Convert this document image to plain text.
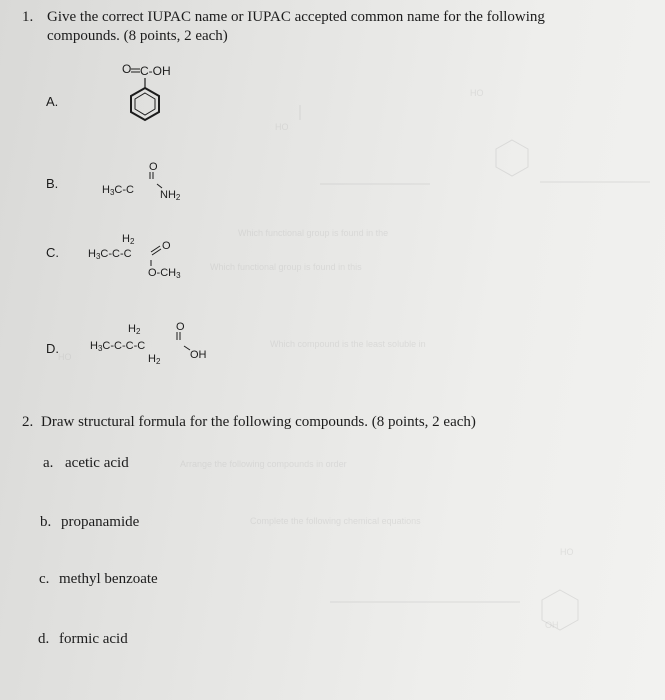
1. Give the correct IUPAC name or IUPAC accepted common name for the following
compounds. (8 points, 2 each)
A.
O C-OH
B.
O
H3C-C NH2
C.
H2
H3C-C-C
O
O-CH3
D.
H2	O
H3C-C-C-C
OH
H2
HO
HO
Which functional group is found in the
Which functional group is found in this
Which compound is the least soluble in
Arrange the following compounds in order
Complete the following chemical equations
HO
OH
HO
2. Draw structural formula for the following compounds. (8 points, 2 each)
a. acetic acid
b. propanamide
c. methyl benzoate
d. formic acid
